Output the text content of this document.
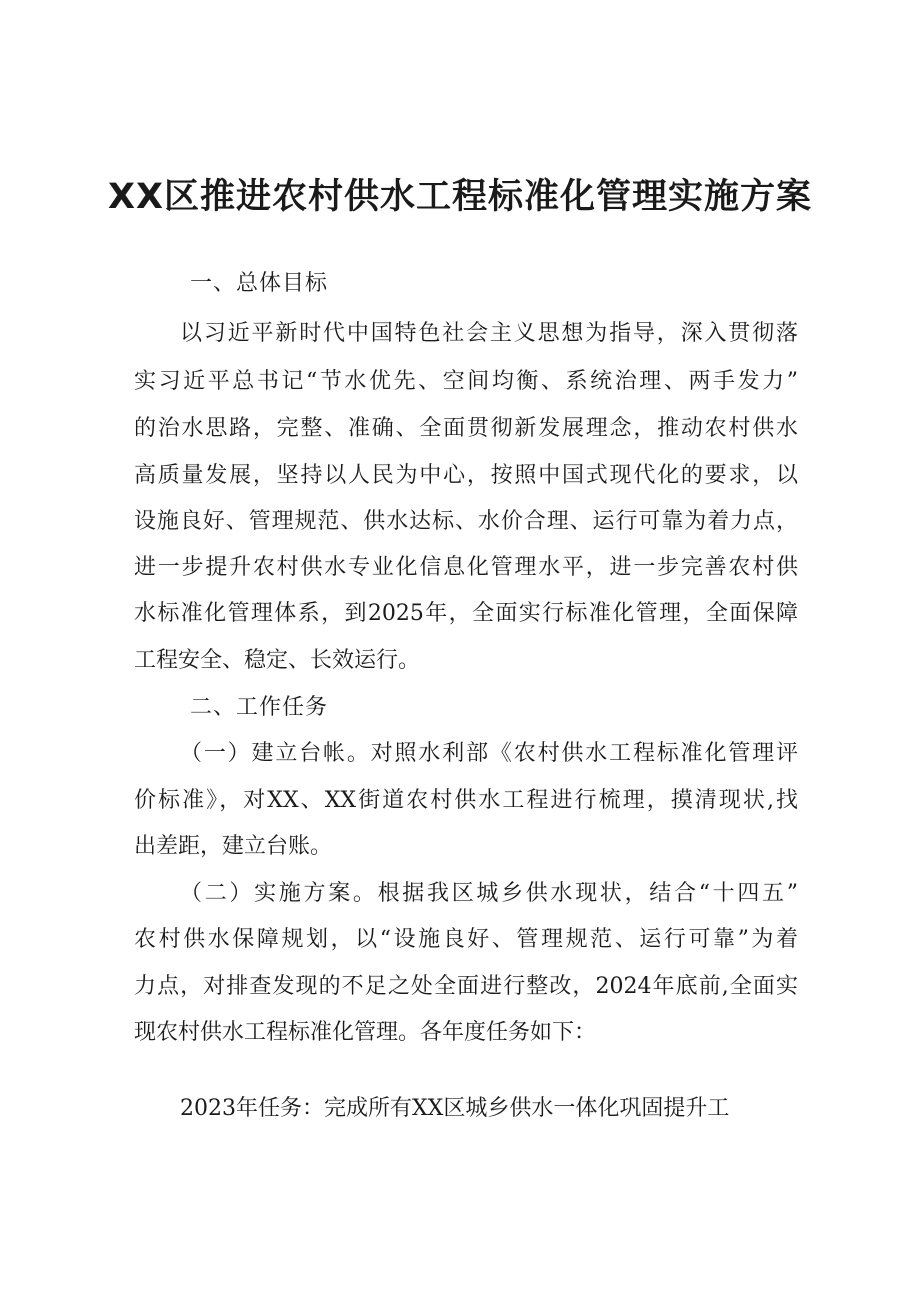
XX区推进农村供水工程标准化管理实施方案

一、总体目标

以习近平新时代中国特色社会主义思想为指导，深入贯彻落

实习近平总书记“节水优先、空间均衡、系统治理、两手发力”

的治水思路，完整、准确、全面贯彻新发展理念，推动农村供水

高质量发展，坚持以人民为中心，按照中国式现代化的要求，以

设施良好、管理规范、供水达标、水价合理、运行可靠为着力点，

进一步提升农村供水专业化信息化管理水平，进一步完善农村供

水标准化管理体系，到2025年，全面实行标准化管理，全面保障

工程安全、稳定、长效运行。

二、工作任务

（一）建立台帐。对照水利部《农村供水工程标准化管理评

价标准》，对XX、XX街道农村供水工程进行梳理，摸清现状,找

出差距，建立台账。

（二）实施方案。根据我区城乡供水现状，结合“十四五”

农村供水保障规划，以“设施良好、管理规范、运行可靠”为着

力点，对排查发现的不足之处全面进行整改，2024年底前,全面实

现农村供水工程标准化管理。各年度任务如下：

2023年任务：完成所有XX区城乡供水一体化巩固提升工
